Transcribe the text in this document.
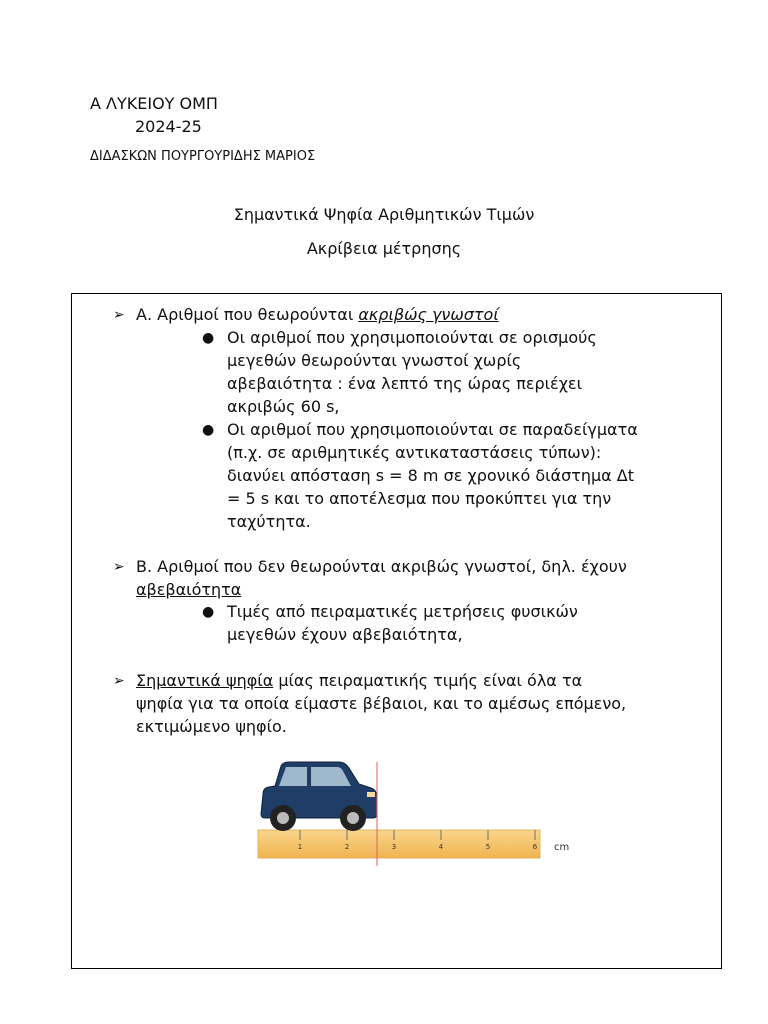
Α ΛΥΚΕΙΟΥ ΟΜΠ
2024-25
ΔΙΔΑΣΚΩΝ ΠΟΥΡΓΟΥΡΙΔΗΣ ΜΑΡΙΟΣ
Σημαντικά Ψηφία Αριθμητικών Τιμών
Ακρίβεια μέτρησης
➢ Α. Αριθμοί που θεωρούνται ακριβώς γνωστοί
● Οι αριθμοί που χρησιμοποιούνται σε ορισμούς
μεγεθών θεωρούνται γνωστοί χωρίς
αβεβαιότητα : ένα λεπτό της ώρας περιέχει
ακριβώς 60 s,
● Οι αριθμοί που χρησιμοποιούνται σε παραδείγματα
(π.χ. σε αριθμητικές αντικαταστάσεις τύπων):
διανύει απόσταση s = 8 m σε χρονικό διάστημα Δt
= 5 s και το αποτέλεσμα που προκύπτει για την
ταχύτητα.
➢ Β. Αριθμοί που δεν θεωρούνται ακριβώς γνωστοί, δηλ. έχουν
αβεβαιότητα
● Τιμές από πειραματικές μετρήσεις φυσικών
μεγεθών έχουν αβεβαιότητα,
➢ Σημαντικά ψηφία μίας πειραματικής τιμής είναι όλα τα
ψηφία για τα οποία είμαστε βέβαιοι, και το αμέσως επόμενο,
εκτιμώμενο ψηφίο.
1	2	3	4	5	6 cm
